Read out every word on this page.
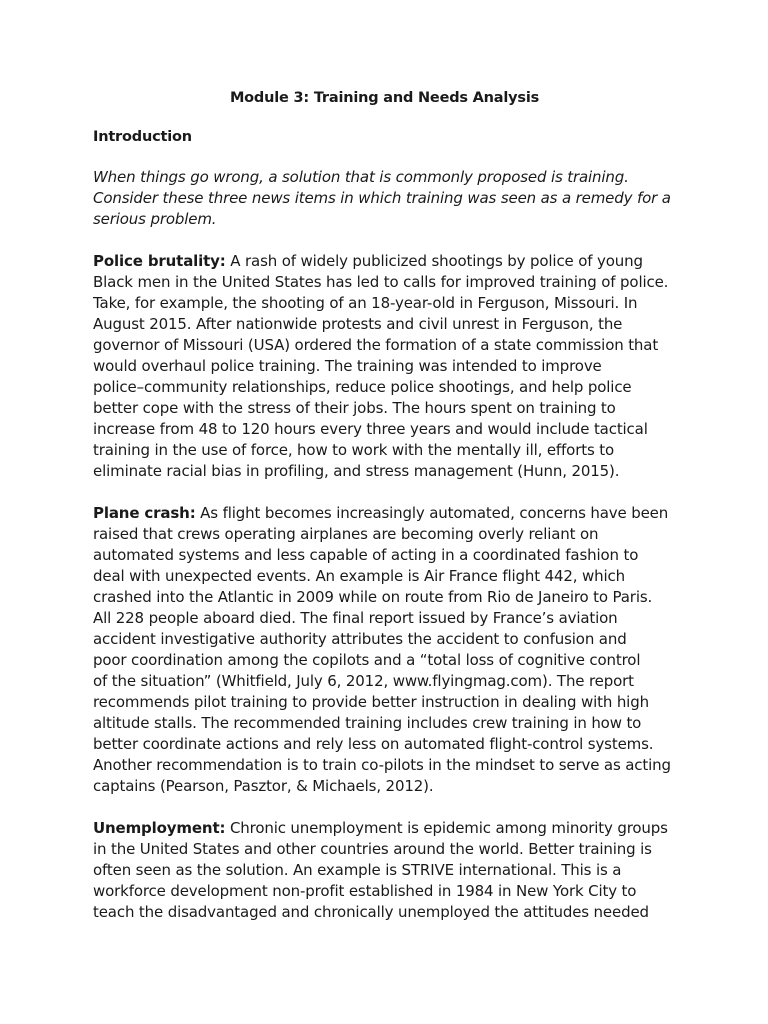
Module 3: Training and Needs Analysis
Introduction

When things go wrong, a solution that is commonly proposed is training.
Consider these three news items in which training was seen as a remedy for a
serious problem.

Police brutality: A rash of widely publicized shootings by police of young
Black men in the United States has led to calls for improved training of police.
Take, for example, the shooting of an 18-year-old in Ferguson, Missouri. In
August 2015. After nationwide protests and civil unrest in Ferguson, the
governor of Missouri (USA) ordered the formation of a state commission that
would overhaul police training. The training was intended to improve
police–community relationships, reduce police shootings, and help police
better cope with the stress of their jobs. The hours spent on training to
increase from 48 to 120 hours every three years and would include tactical
training in the use of force, how to work with the mentally ill, efforts to
eliminate racial bias in profiling, and stress management (Hunn, 2015).

Plane crash: As flight becomes increasingly automated, concerns have been
raised that crews operating airplanes are becoming overly reliant on
automated systems and less capable of acting in a coordinated fashion to
deal with unexpected events. An example is Air France flight 442, which
crashed into the Atlantic in 2009 while on route from Rio de Janeiro to Paris.
All 228 people aboard died. The final report issued by France’s aviation
accident investigative authority attributes the accident to confusion and
poor coordination among the copilots and a “total loss of cognitive control
of the situation” (Whitfield, July 6, 2012, www.flyingmag.com). The report
recommends pilot training to provide better instruction in dealing with high
altitude stalls. The recommended training includes crew training in how to
better coordinate actions and rely less on automated flight-control systems.
Another recommendation is to train co-pilots in the mindset to serve as acting
captains (Pearson, Pasztor, & Michaels, 2012).

Unemployment: Chronic unemployment is epidemic among minority groups
in the United States and other countries around the world. Better training is
often seen as the solution. An example is STRIVE international. This is a
workforce development non-profit established in 1984 in New York City to
teach the disadvantaged and chronically unemployed the attitudes needed
